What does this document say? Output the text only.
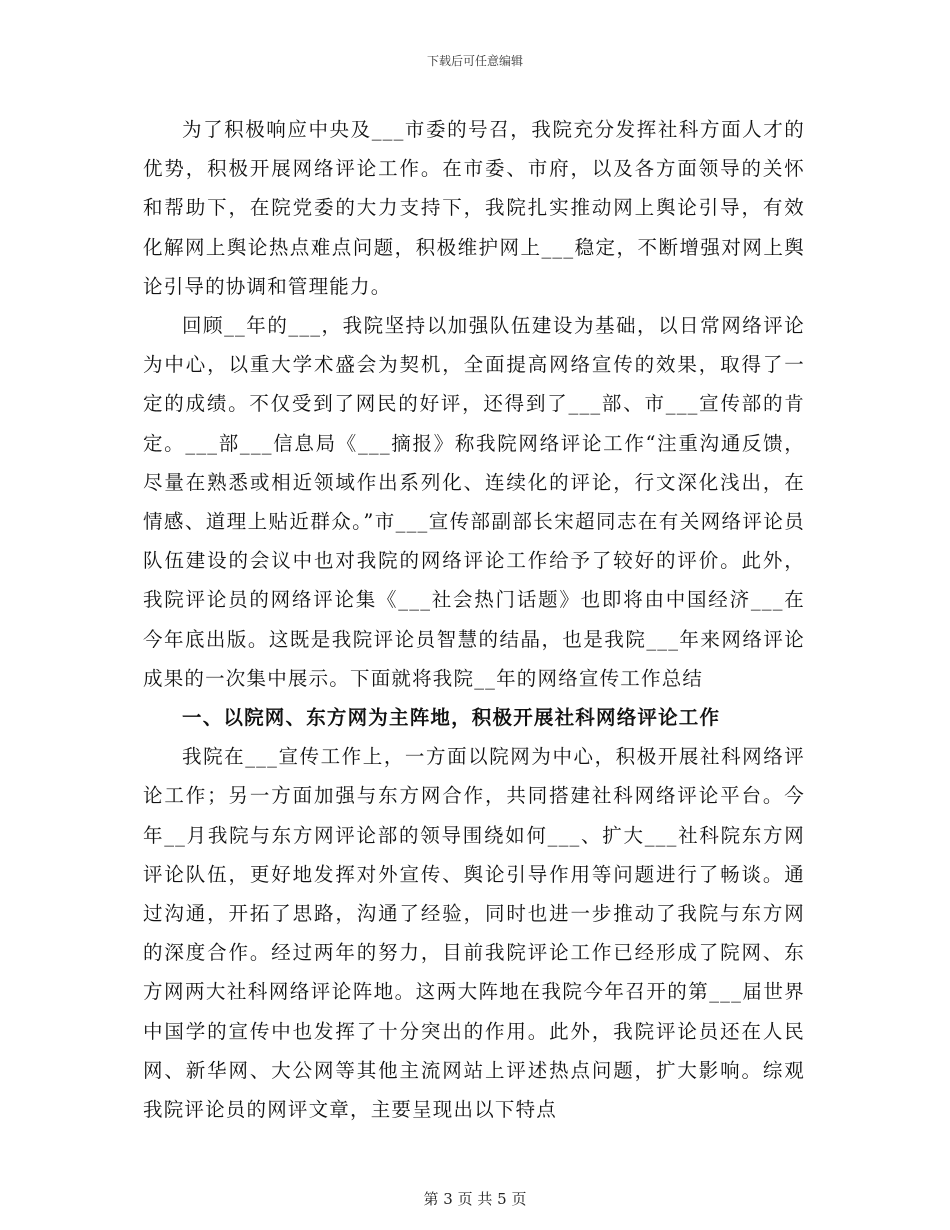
下载后可任意编辑

为了积极响应中央及___市委的号召，我院充分发挥社科方面人才的优势，积极开展网络评论工作。在市委、市府，以及各方面领导的关怀和帮助下，在院党委的大力支持下，我院扎实推动网上舆论引导，有效化解网上舆论热点难点问题，积极维护网上___稳定，不断增强对网上舆论引导的协调和管理能力。

回顾__年的___，我院坚持以加强队伍建设为基础，以日常网络评论为中心，以重大学术盛会为契机，全面提高网络宣传的效果，取得了一定的成绩。不仅受到了网民的好评，还得到了___部、市___宣传部的肯定。___部___信息局《___摘报》称我院网络评论工作“注重沟通反馈，尽量在熟悉或相近领域作出系列化、连续化的评论，行文深化浅出，在情感、道理上贴近群众。”市___宣传部副部长宋超同志在有关网络评论员队伍建设的会议中也对我院的网络评论工作给予了较好的评价。此外，我院评论员的网络评论集《___社会热门话题》也即将由中国经济___在今年底出版。这既是我院评论员智慧的结晶，也是我院___年来网络评论成果的一次集中展示。下面就将我院__年的网络宣传工作总结

一、以院网、东方网为主阵地，积极开展社科网络评论工作

我院在___宣传工作上，一方面以院网为中心，积极开展社科网络评论工作；另一方面加强与东方网合作，共同搭建社科网络评论平台。今年__月我院与东方网评论部的领导围绕如何___、扩大___社科院东方网评论队伍，更好地发挥对外宣传、舆论引导作用等问题进行了畅谈。通过沟通，开拓了思路，沟通了经验，同时也进一步推动了我院与东方网的深度合作。经过两年的努力，目前我院评论工作已经形成了院网、东方网两大社科网络评论阵地。这两大阵地在我院今年召开的第___届世界中国学的宣传中也发挥了十分突出的作用。此外，我院评论员还在人民网、新华网、大公网等其他主流网站上评述热点问题，扩大影响。综观我院评论员的网评文章，主要呈现出以下特点

第 3 页 共 5 页
